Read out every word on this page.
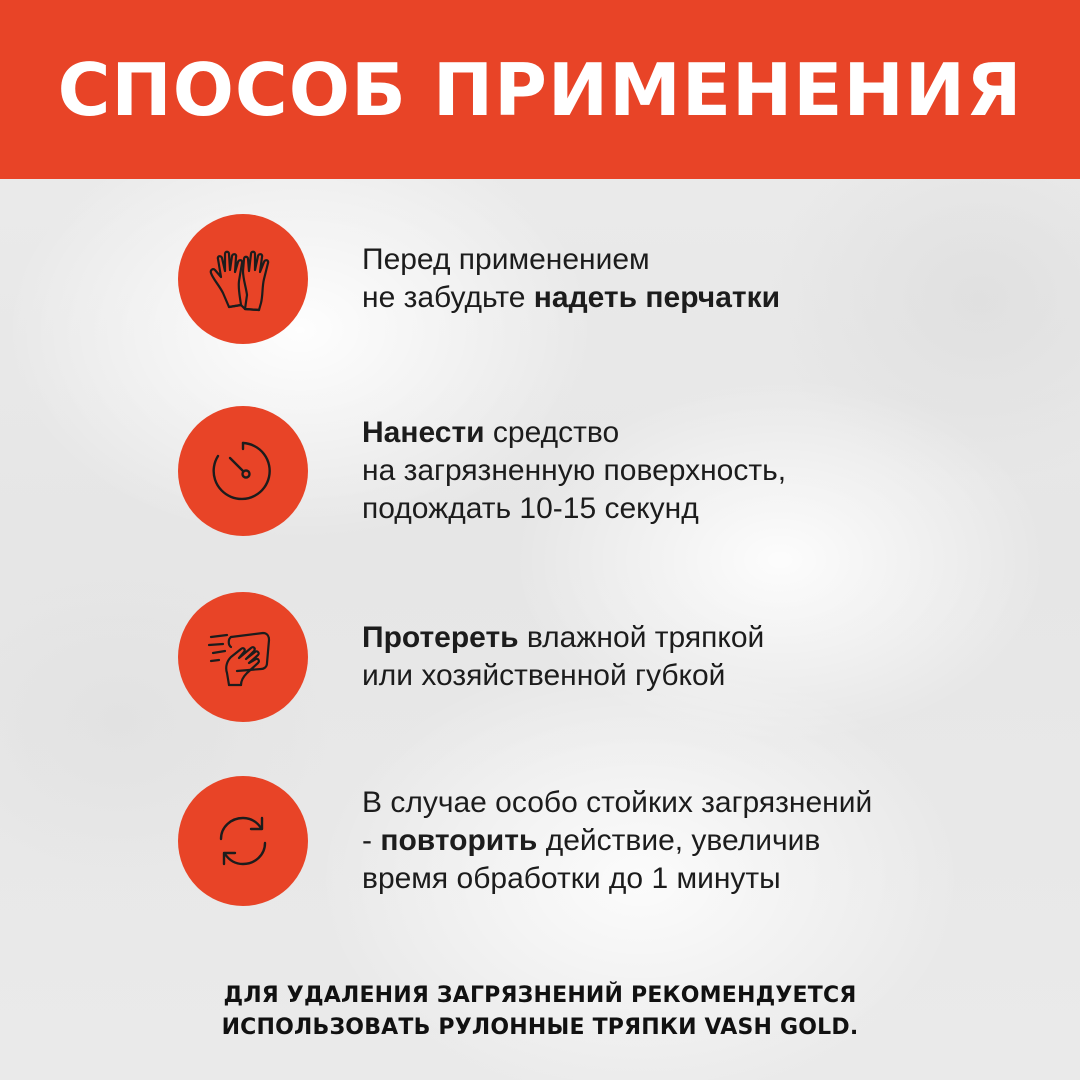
СПОСОБ ПРИМЕНЕНИЯ
Перед применением
не забудьте надеть перчатки
Нанести средство
на загрязненную поверхность,
подождать 10-15 секунд
Протереть влажной тряпкой
или хозяйственной губкой
В случае особо стойких загрязнений
- повторить действие, увеличив
время обработки до 1 минуты
ДЛЯ УДАЛЕНИЯ ЗАГРЯЗНЕНИЙ РЕКОМЕНДУЕТСЯ
ИСПОЛЬЗОВАТЬ РУЛОННЫЕ ТРЯПКИ VASH GOLD.
